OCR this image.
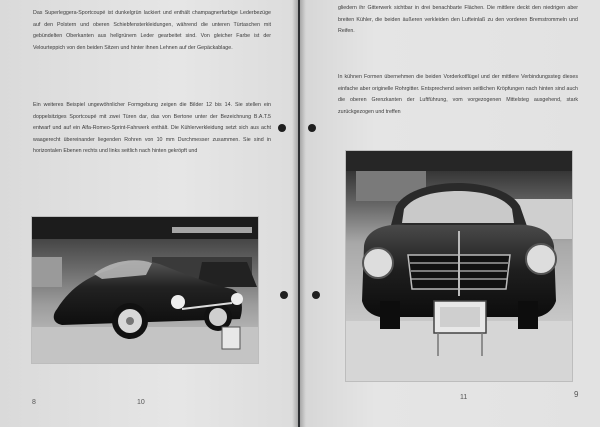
Das Superleggera-Sportcoupé ist dunkelgrün lackiert und enthält champagnerfarbige Lederbezüge auf den Polstern und oberen Schiebfensterkleidungen, während die unteren Türtaschen mit gebündelten Oberkanten aus hellgrünem Leder gearbeitet sind. Von gleicher Farbe ist der Velourteppich von den beiden Sitzen und hinter ihnen Lehnen auf der Gepäckablage.

Ein weiteres Beispiel ungewöhnlicher Formgebung zeigen die Bilder 12 bis 14. Sie stellen ein doppelsitziges Sportcoupé mit zwei Türen dar, das von Bertone unter der Bezeichnung B.A.T.5 entwarf und auf ein Alfa-Romeo-Sprint-Fahrwerk enthält. Die Kühlerverkleidung setzt sich aus acht waagerecht übereinander liegenden Rohren von 10 mm Durchmesser zusammen. Sie sind in horizontalen Ebenen rechts und links seitlich nach hinten gekröpft und

8	10

gliedern ihr Gitterwerk sichtbar in drei benachbarte Flächen. Die mittlere deckt den niedrigen aber breiten Kühler, die beiden äußeren verkleiden den Lufteinlaß zu den vorderen Bremstrommeln und Reifen.

In kühnen Formen übernehmen die beiden Vorderkotflügel und der mittlere Verbindungssteg dieses einfache aber originelle Rohrgitter. Entsprechend seinen seitlichen Kröpfungen nach hinten sind auch die oberen Grenzkanten der Luftführung, vom vorgezogenen Mittelsteg ausgehend, stark zurückgezogen und treffen

11	9
